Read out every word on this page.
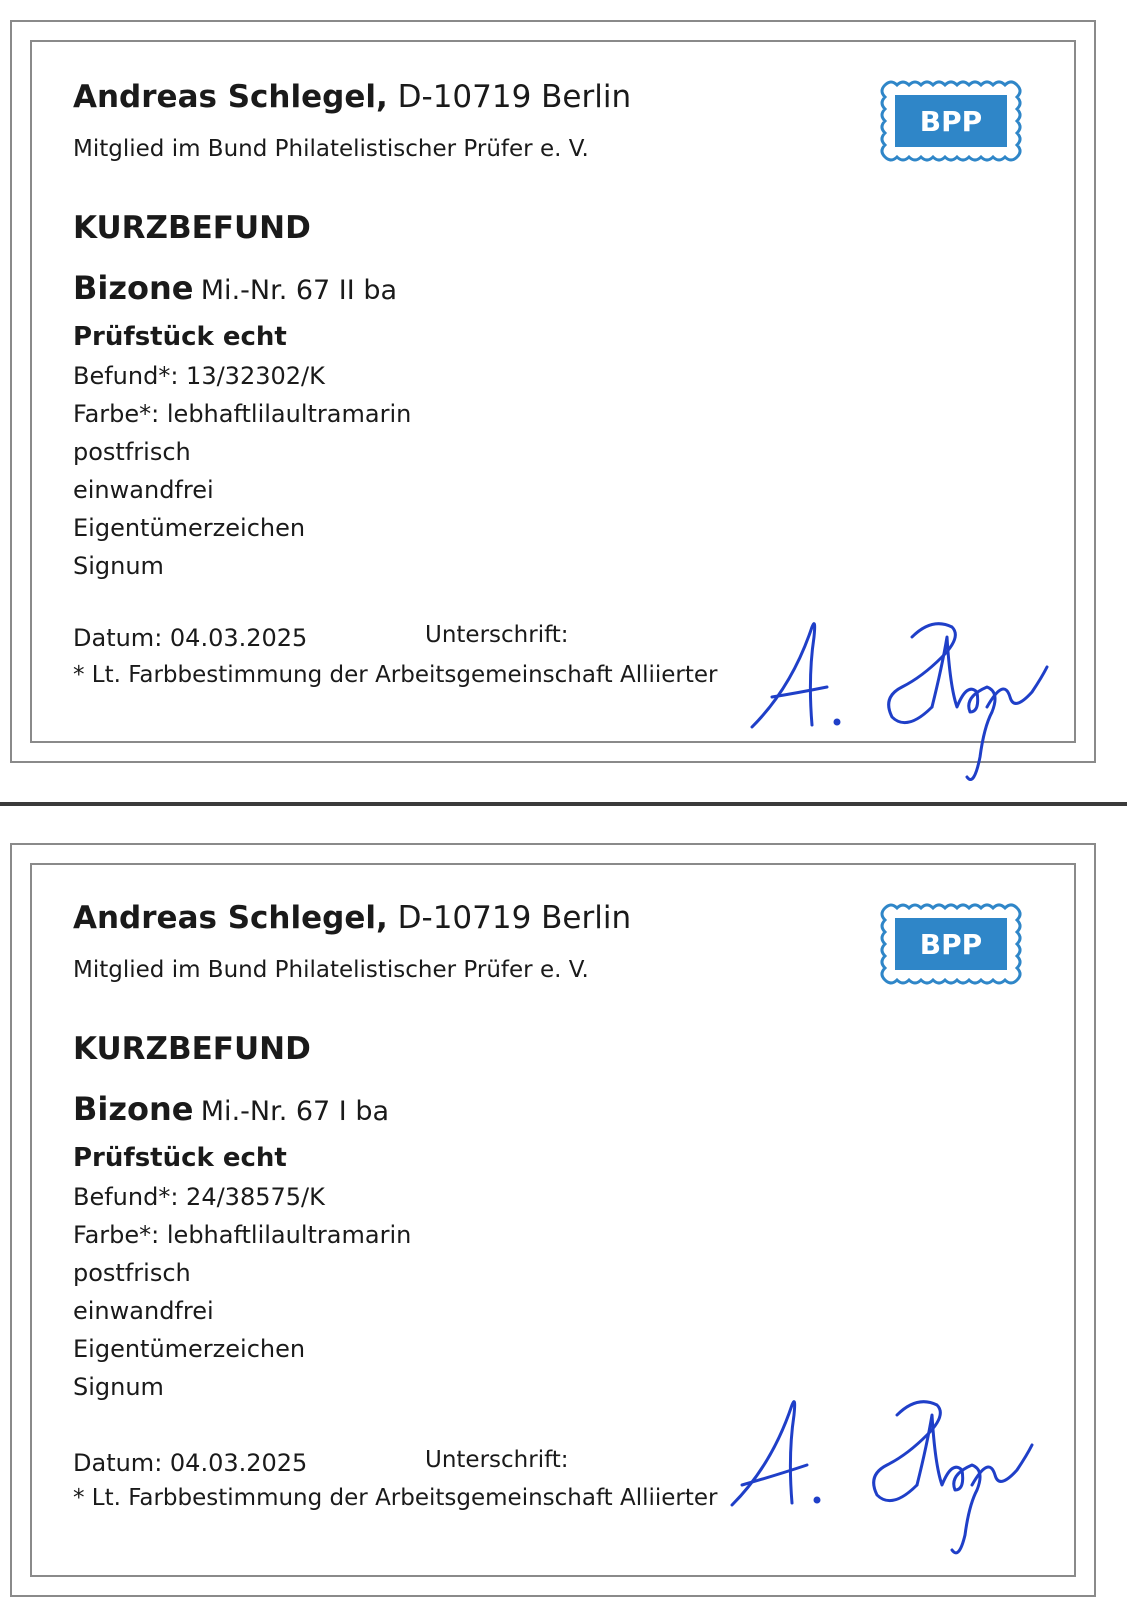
Andreas Schlegel, D-10719 Berlin
Mitglied im Bund Philatelistischer Prüfer e. V.
BPP
KURZBEFUND
Bizone Mi.-Nr. 67 II ba
Prüfstück echt
Befund*: 13/32302/K
Farbe*: lebhaftlilaultramarin
postfrisch
einwandfrei
Eigentümerzeichen
Signum
Datum: 04.03.2025	Unterschrift:
* Lt. Farbbestimmung der Arbeitsgemeinschaft Alliierter
Andreas Schlegel, D-10719 Berlin
Mitglied im Bund Philatelistischer Prüfer e. V.
BPP
KURZBEFUND
Bizone Mi.-Nr. 67 I ba
Prüfstück echt
Befund*: 24/38575/K
Farbe*: lebhaftlilaultramarin
postfrisch
einwandfrei
Eigentümerzeichen
Signum
Datum: 04.03.2025	Unterschrift:
* Lt. Farbbestimmung der Arbeitsgemeinschaft Alliierter
